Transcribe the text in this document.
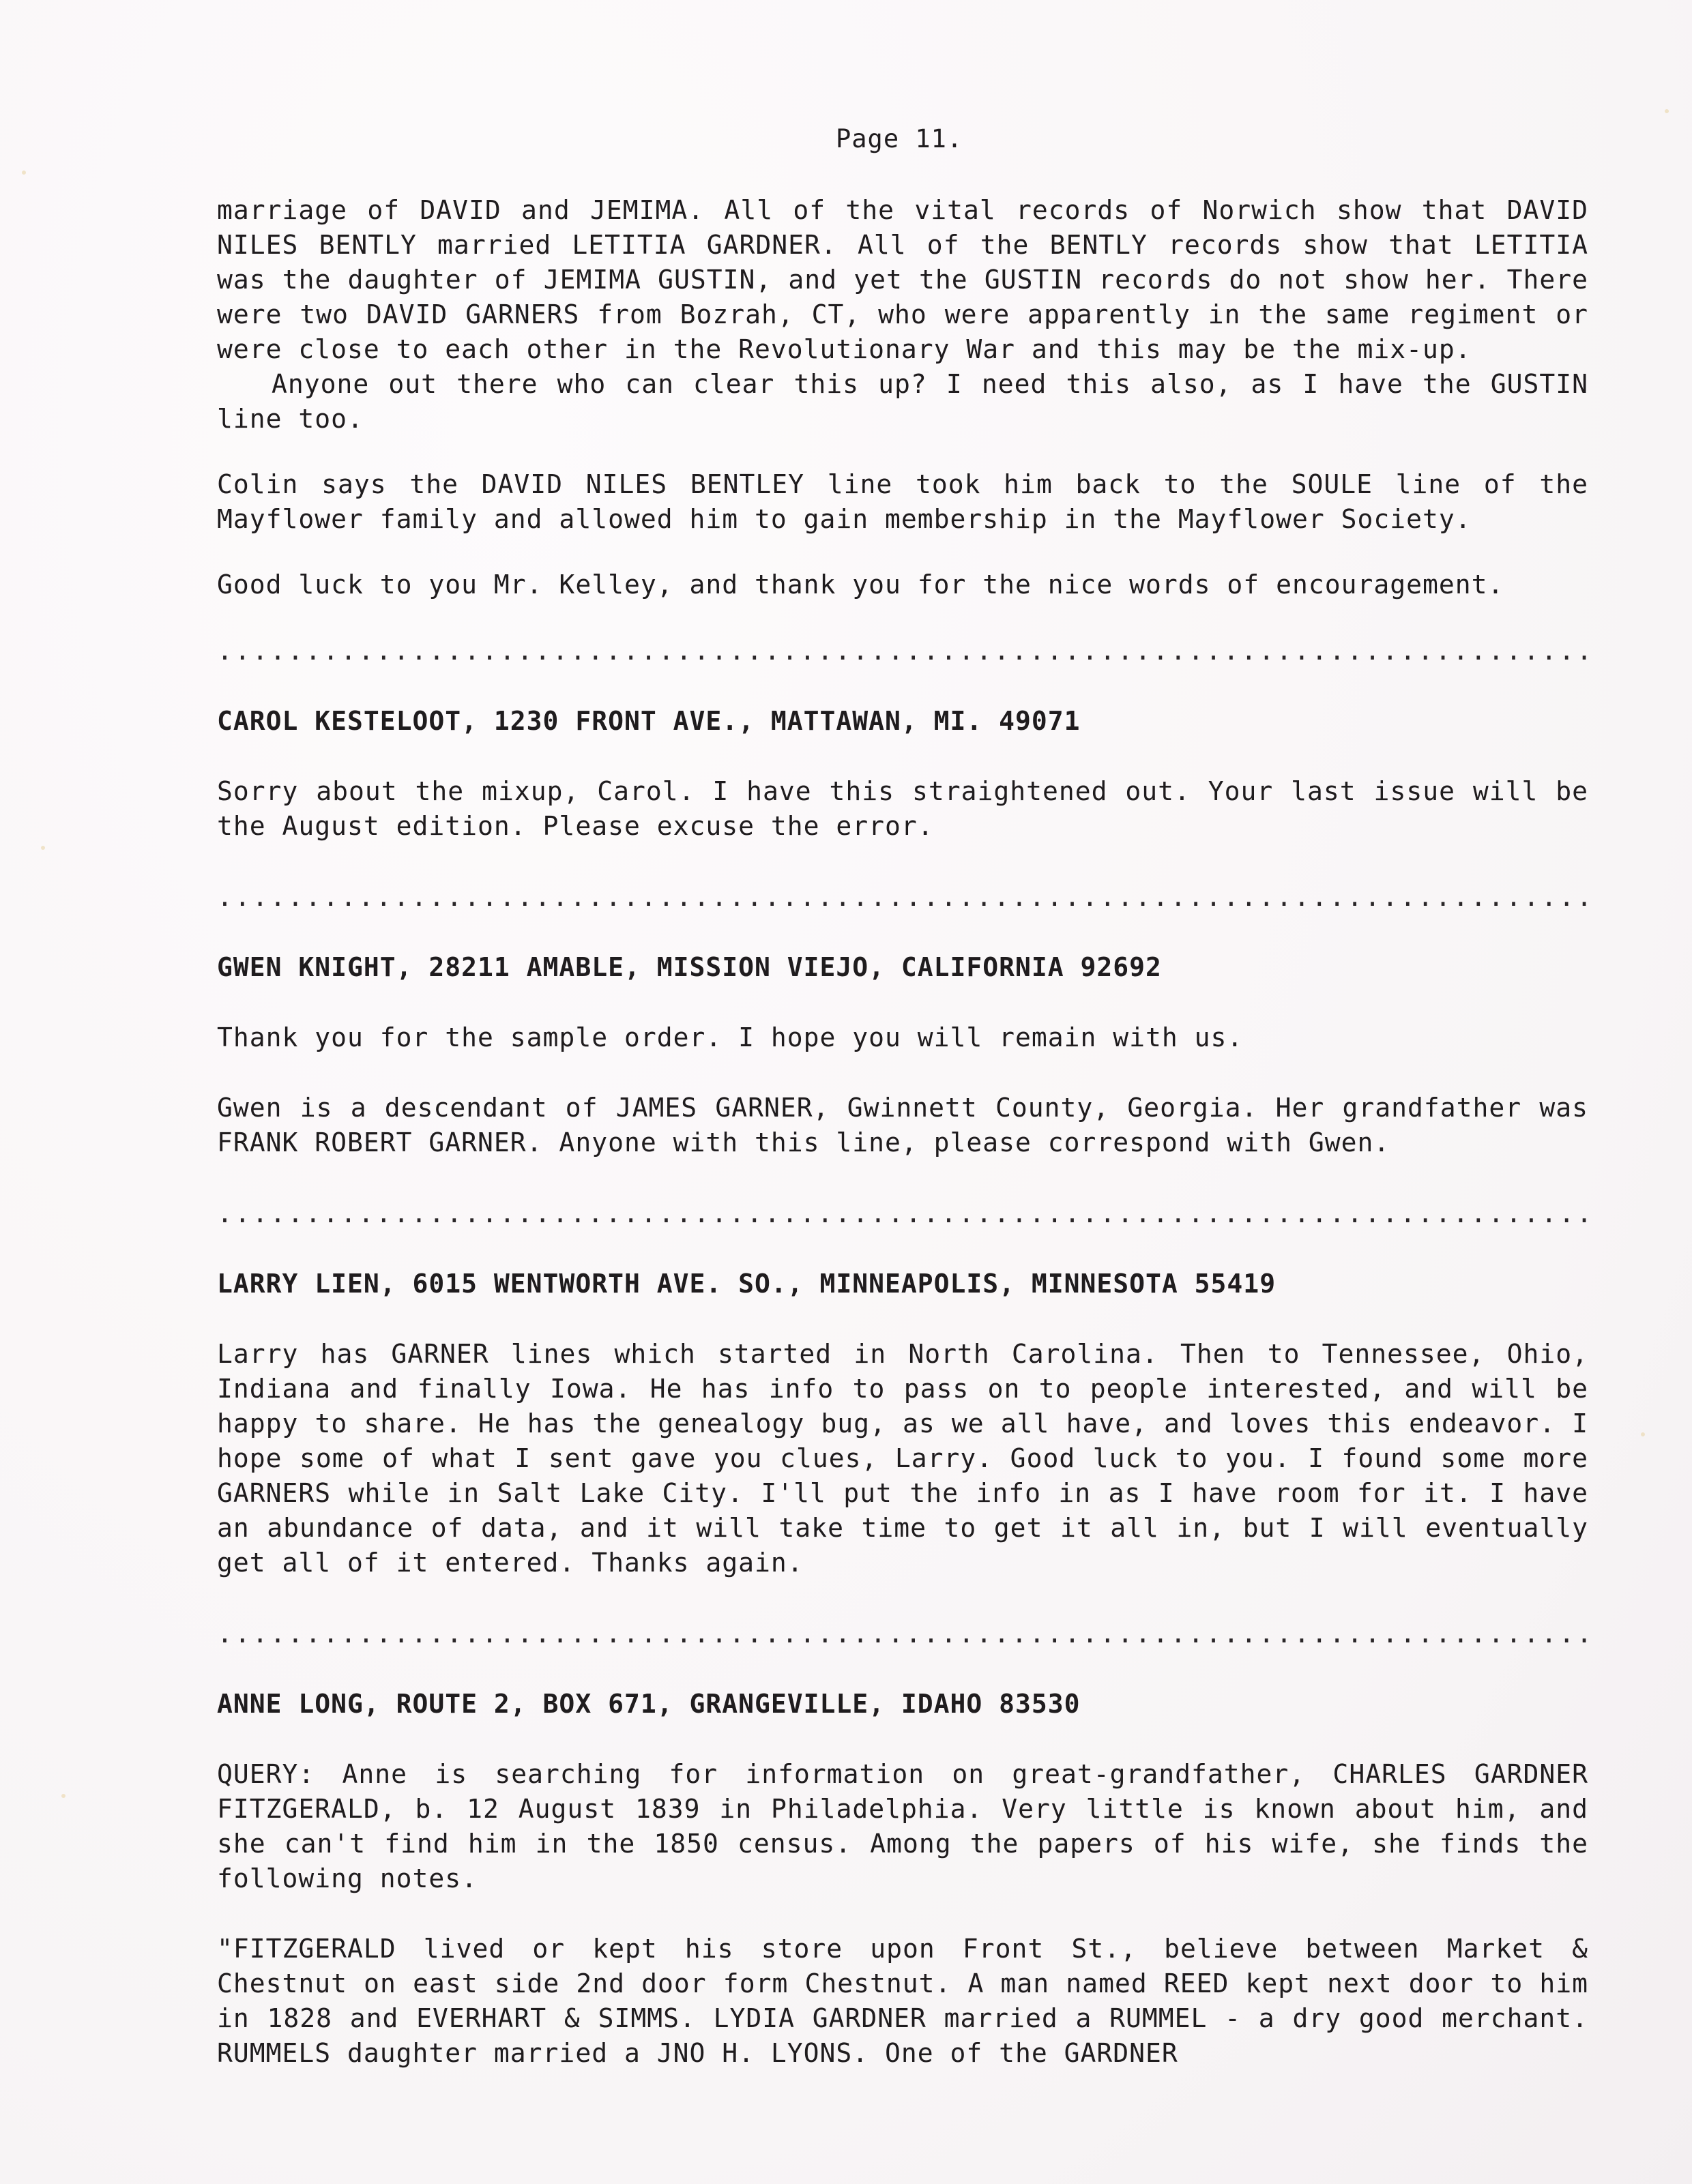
Page 11.

marriage of DAVID and JEMIMA. All of the vital records of Norwich show that DAVID NILES BENTLY married LETITIA GARDNER. All of the BENTLY records show that LETITIA was the daughter of JEMIMA GUSTIN, and yet the GUSTIN records do not show her. There were two DAVID GARNERS from Bozrah, CT, who were apparently in the same regiment or were close to each other in the Revolutionary War and this may be the mix-up.

Anyone out there who can clear this up? I need this also, as I have the GUSTIN line too.

Colin says the DAVID NILES BENTLEY line took him back to the SOULE line of the Mayflower family and allowed him to gain membership in the Mayflower Society.

Good luck to you Mr. Kelley, and thank you for the nice words of encouragement.

.....

CAROL KESTELOOT, 1230 FRONT AVE., MATTAWAN, MI. 49071

Sorry about the mixup, Carol. I have this straightened out. Your last issue will be the August edition. Please excuse the error.

.....

GWEN KNIGHT, 28211 AMABLE, MISSION VIEJO, CALIFORNIA 92692

Thank you for the sample order. I hope you will remain with us.

Gwen is a descendant of JAMES GARNER, Gwinnett County, Georgia. Her grandfather was FRANK ROBERT GARNER. Anyone with this line, please correspond with Gwen.

.....

LARRY LIEN, 6015 WENTWORTH AVE. SO., MINNEAPOLIS, MINNESOTA 55419

Larry has GARNER lines which started in North Carolina. Then to Tennessee, Ohio, Indiana and finally Iowa. He has info to pass on to people interested, and will be happy to share. He has the genealogy bug, as we all have, and loves this endeavor. I hope some of what I sent gave you clues, Larry. Good luck to you. I found some more GARNERS while in Salt Lake City. I'll put the info in as I have room for it. I have an abundance of data, and it will take time to get it all in, but I will eventually get all of it entered. Thanks again.

.....

ANNE LONG, ROUTE 2, BOX 671, GRANGEVILLE, IDAHO 83530

QUERY: Anne is searching for information on great-grandfather, CHARLES GARDNER FITZGERALD, b. 12 August 1839 in Philadelphia. Very little is known about him, and she can't find him in the 1850 census. Among the papers of his wife, she finds the following notes.

"FITZGERALD lived or kept his store upon Front St., believe between Market & Chestnut on east side 2nd door form Chestnut. A man named REED kept next door to him in 1828 and EVERHART & SIMMS. LYDIA GARDNER married a RUMMEL - a dry good merchant. RUMMELS daughter married a JNO H. LYONS. One of the GARDNER
